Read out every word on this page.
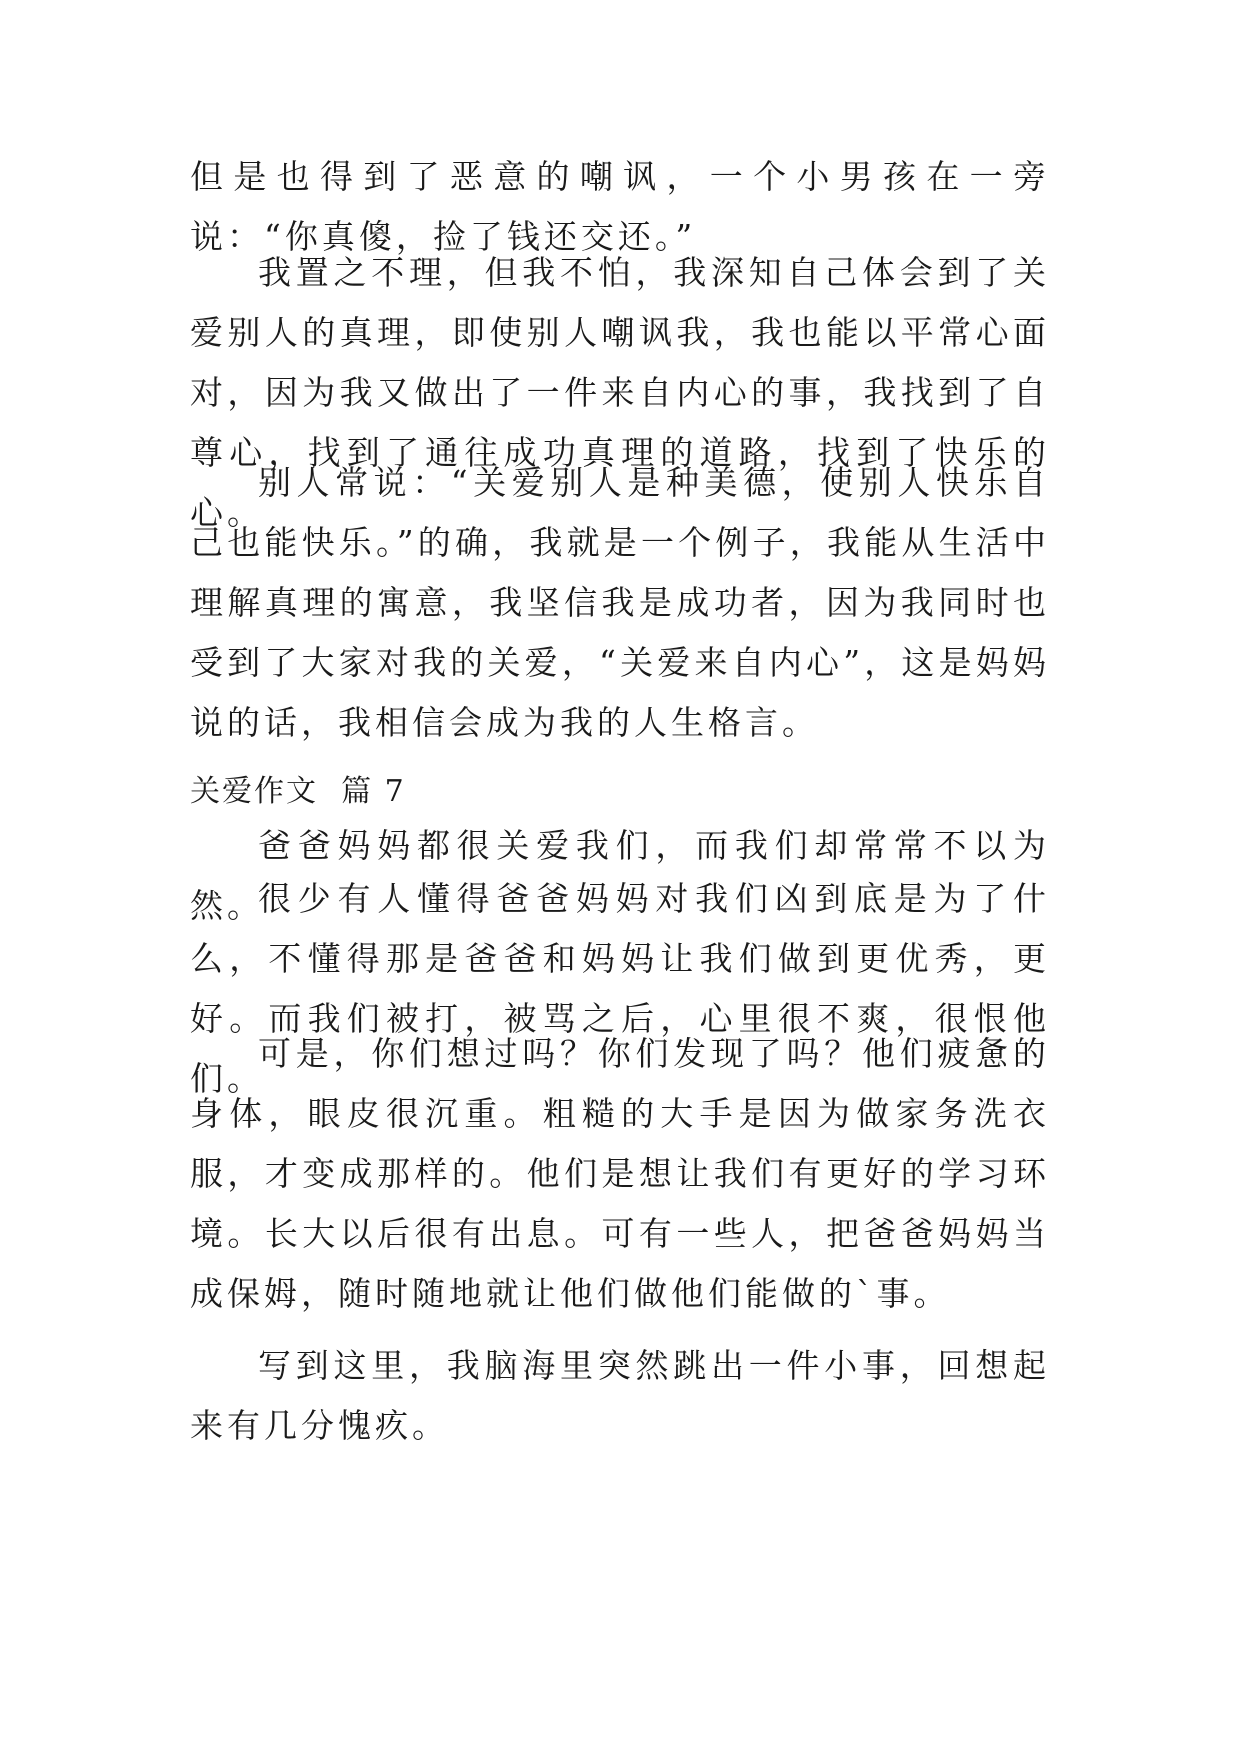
但是也得到了恶意的嘲讽，一个小男孩在一旁说：“你真傻，捡了钱还交还。”

我置之不理，但我不怕，我深知自己体会到了关爱别人的真理，即使别人嘲讽我，我也能以平常心面对，因为我又做出了一件来自内心的事，我找到了自尊心，找到了通往成功真理的道路，找到了快乐的心。

别人常说：“关爱别人是种美德，使别人快乐自己也能快乐。”的确，我就是一个例子，我能从生活中理解真理的寓意，我坚信我是成功者，因为我同时也受到了大家对我的关爱，“关爱来自内心”，这是妈妈说的话，我相信会成为我的人生格言。

关爱作文  篇 7

爸爸妈妈都很关爱我们，而我们却常常不以为然。

很少有人懂得爸爸妈妈对我们凶到底是为了什么，不懂得那是爸爸和妈妈让我们做到更优秀，更好。而我们被打，被骂之后，心里很不爽，很恨他们。

可是，你们想过吗？你们发现了吗？他们疲惫的身体，眼皮很沉重。粗糙的大手是因为做家务洗衣服，才变成那样的。他们是想让我们有更好的学习环境。长大以后很有出息。可有一些人，把爸爸妈妈当成保姆，随时随地就让他们做他们能做的`事。

写到这里，我脑海里突然跳出一件小事，回想起来有几分愧疚。
